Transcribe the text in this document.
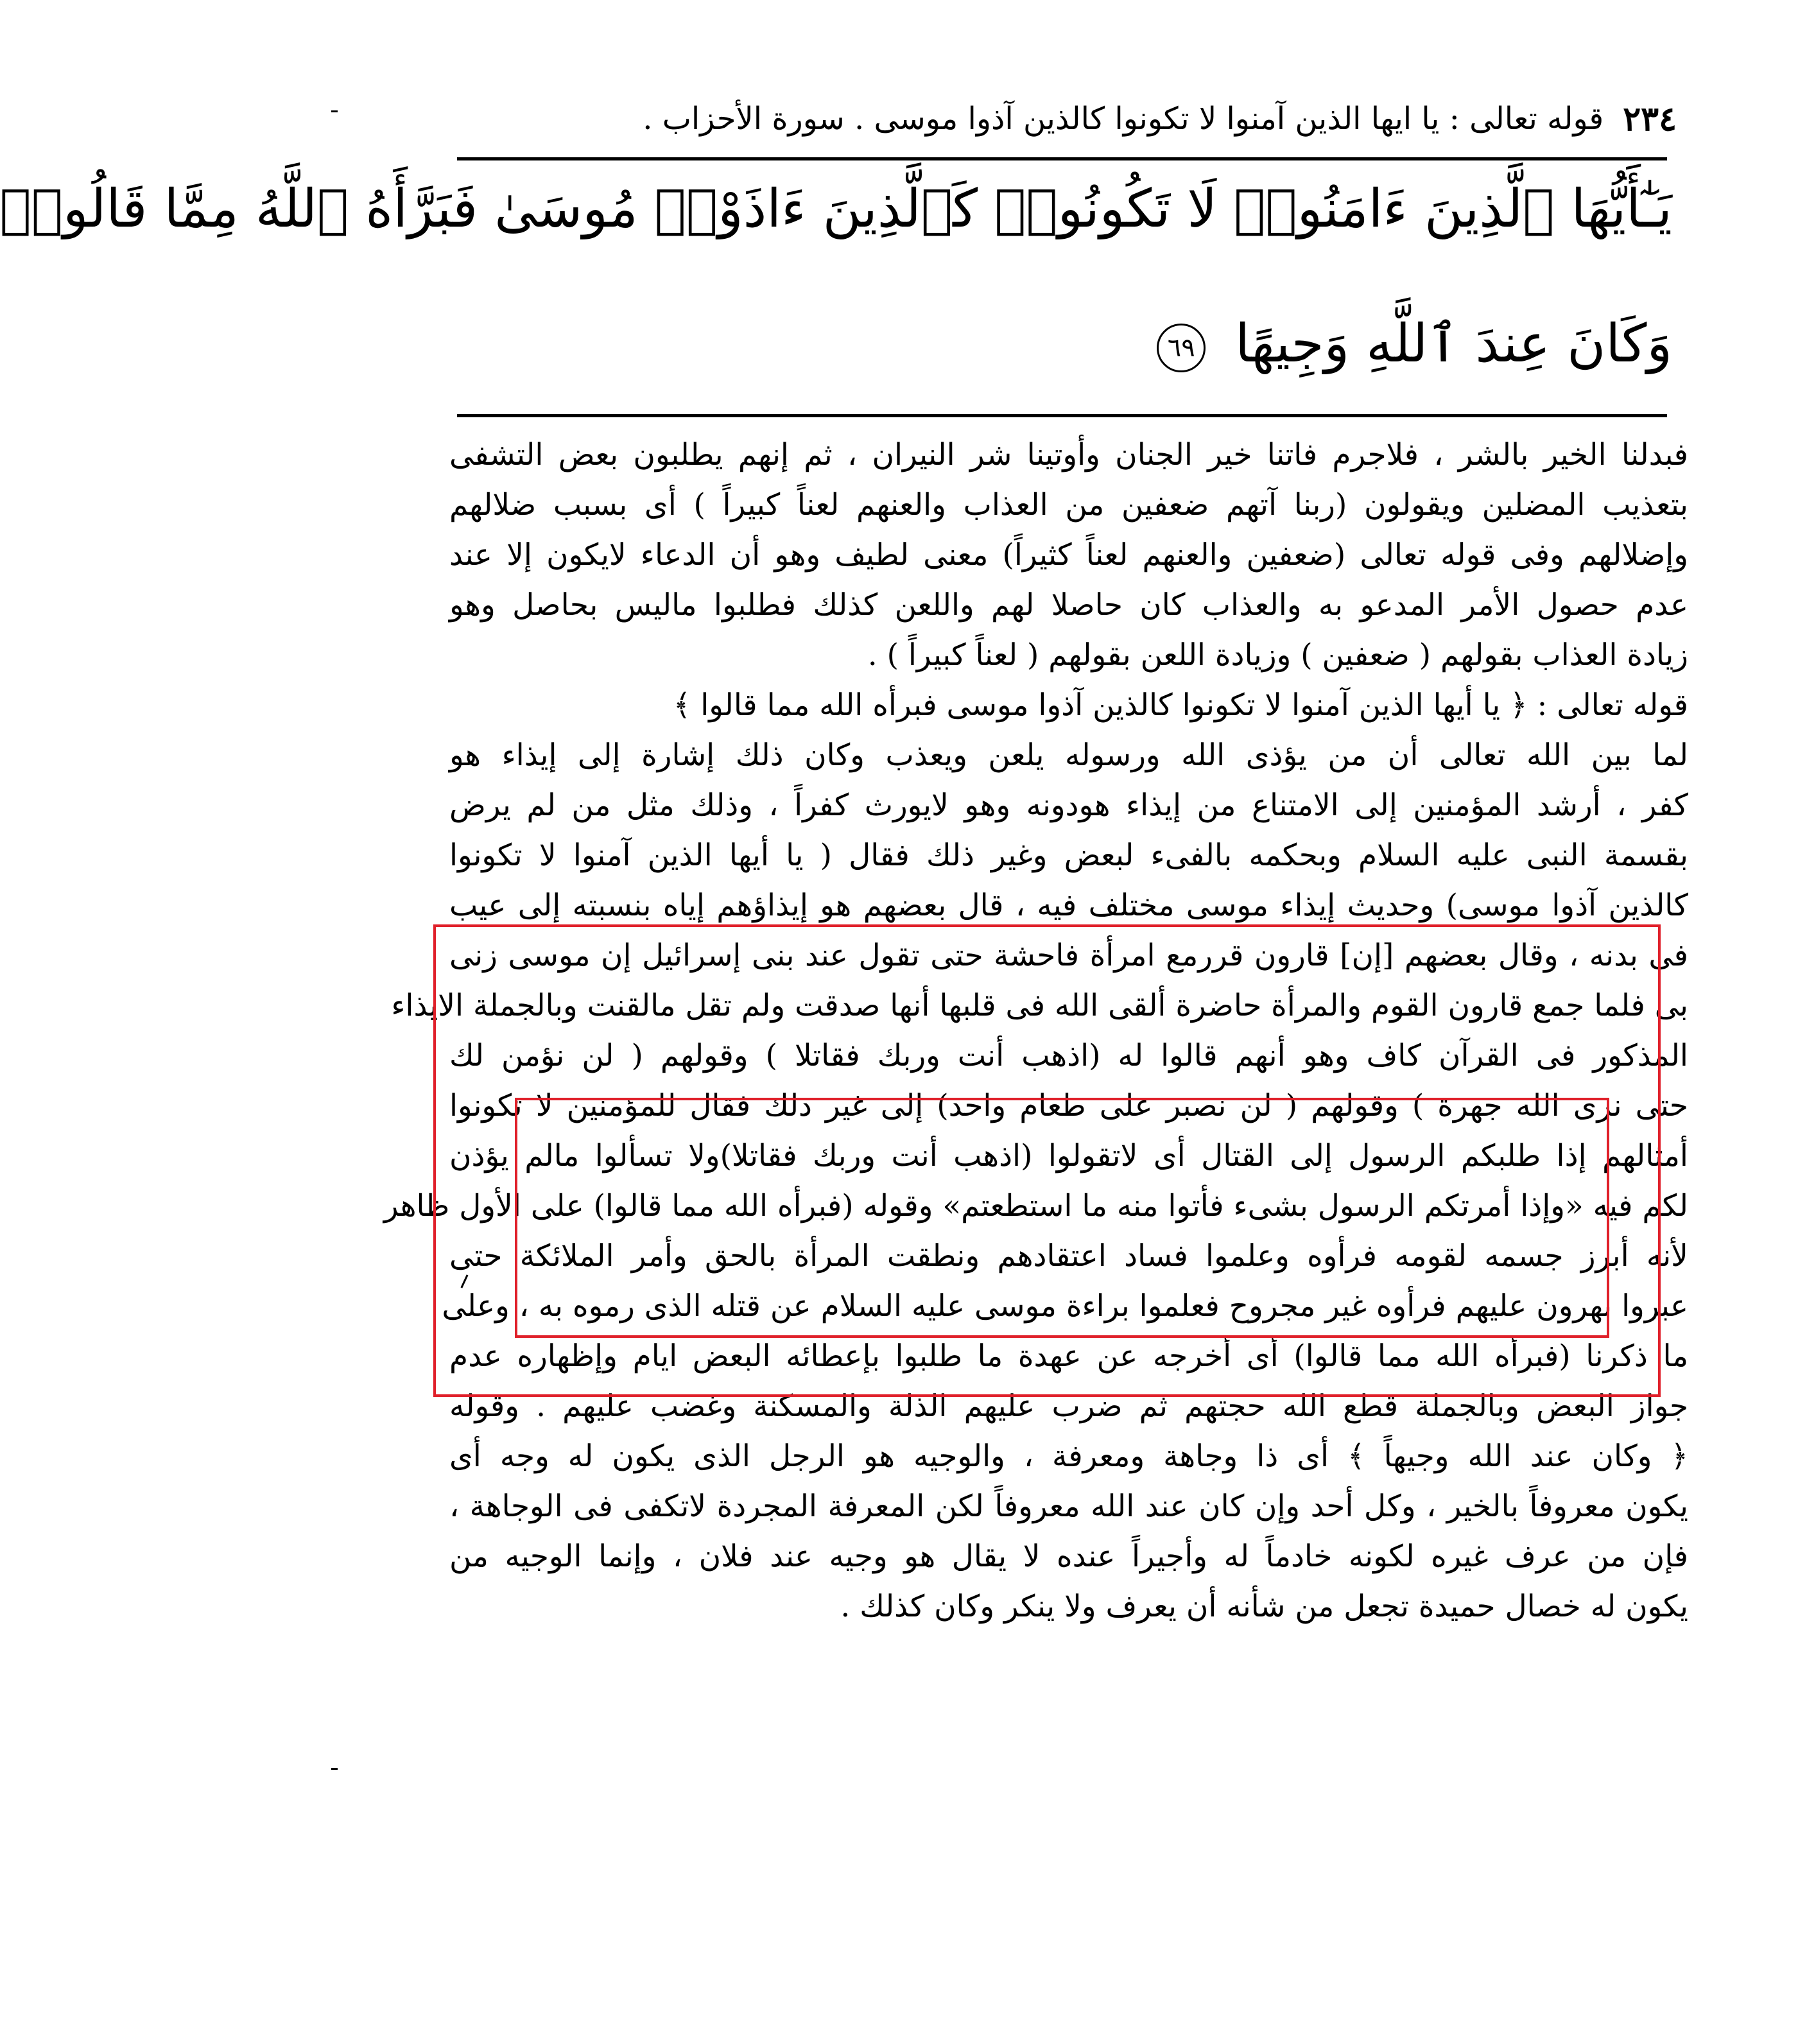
٢٣٤
قوله تعالى : يا ايها الذين آمنوا لا تكونوا كالذين آذوا موسى . سورة الأحزاب .
يَـٰٓأَيُّهَا ٱلَّذِينَ ءَامَنُوا۟ لَا تَكُونُوا۟ كَٱلَّذِينَ ءَاذَوْا۟ مُوسَىٰ فَبَرَّأَهُ ٱللَّهُ مِمَّا قَالُوا۟
وَكَانَ عِندَ ٱللَّهِ وَجِيهًا ٦٩
فبدلنا الخير بالشر ، فلاجرم فاتنا خير الجنان وأوتينا شر النيران ، ثم إنهم يطلبون بعض التشفى
بتعذيب المضلين ويقولون (ربنا آتهم ضعفين من العذاب والعنهم لعناً كبيراً ) أى بسبب ضلالهم
وإضلالهم وفى قوله تعالى (ضعفين والعنهم لعناً كثيراً) معنى لطيف وهو أن الدعاء لايكون إلا عند
عدم حصول الأمر المدعو به والعذاب كان حاصلا لهم واللعن كذلك فطلبوا ماليس بحاصل وهو
زيادة العذاب بقولهم ( ضعفين ) وزيادة اللعن بقولهم ( لعناً كبيراً ) .
قوله تعالى : ﴿ يا أيها الذين آمنوا لا تكونوا كالذين آذوا موسى فبرأه الله مما قالوا ﴾
لما بين الله تعالى أن من يؤذى الله ورسوله يلعن ويعذب وكان ذلك إشارة إلى إيذاء هو
كفر ، أرشد المؤمنين إلى الامتناع من إيذاء هودونه وهو لايورث كفراً ، وذلك مثل من لم يرض
بقسمة النبى عليه السلام وبحكمه بالفىء لبعض وغير ذلك فقال ( يا أيها الذين آمنوا لا تكونوا
كالذين آذوا موسى) وحديث إيذاء موسى مختلف فيه ، قال بعضهم هو إيذاؤهم إياه بنسبته إلى عيب
فى بدنه ، وقال بعضهم [إن] قارون قررمع امرأة فاحشة حتى تقول عند بنى إسرائيل إن موسى زنى
بى فلما جمع قارون القوم والمرأة حاضرة ألقى الله فى قلبها أنها صدقت ولم تقل مالقنت وبالجملة الايذاء
المذكور فى القرآن كاف وهو أنهم قالوا له (اذهب أنت وربك فقاتلا ) وقولهم ( لن نؤمن لك
حتى نرى الله جهرة ) وقولهم ( لن نصبر على طعام واحد) إلى غير ذلك فقال للمؤمنين لا تكونوا
أمثالهم إذا طلبكم الرسول إلى القتال أى لاتقولوا (اذهب أنت وربك فقاتلا)ولا تسألوا مالم يؤذن
لكم فيه «وإذا أمرتكم الرسول بشىء فأتوا منه ما استطعتم» وقوله (فبرأه الله مما قالوا) على الأول ظاهر
لأنه أبرز جسمه لقومه فرأوه وعلموا فساد اعتقادهم ونطقت المرأة بالحق وأمر الملائكة حتى
عبروا بهرون عليهم فرأوه غير مجروح فعلموا براءة موسى عليه السلام عن قتله الذى رموه به ، وعلى
ما ذكرنا (فبرأه الله مما قالوا) أى أخرجه عن عهدة ما طلبوا بإعطائه البعض ايام وإظهاره عدم
جواز البعض وبالجملة قطع الله حجتهم ثم ضرب عليهم الذلة والمسكنة وغضب عليهم . وقوله
﴿ وكان عند الله وجيهاً ﴾ أى ذا وجاهة ومعرفة ، والوجيه هو الرجل الذى يكون له وجه أى
يكون معروفاً بالخير ، وكل أحد وإن كان عند الله معروفاً لكن المعرفة المجردة لاتكفى فى الوجاهة ،
فإن من عرف غيره لكونه خادماً له وأجيراً عنده لا يقال هو وجيه عند فلان ، وإنما الوجيه من
يكون له خصال حميدة تجعل من شأنه أن يعرف ولا ينكر وكان كذلك .
